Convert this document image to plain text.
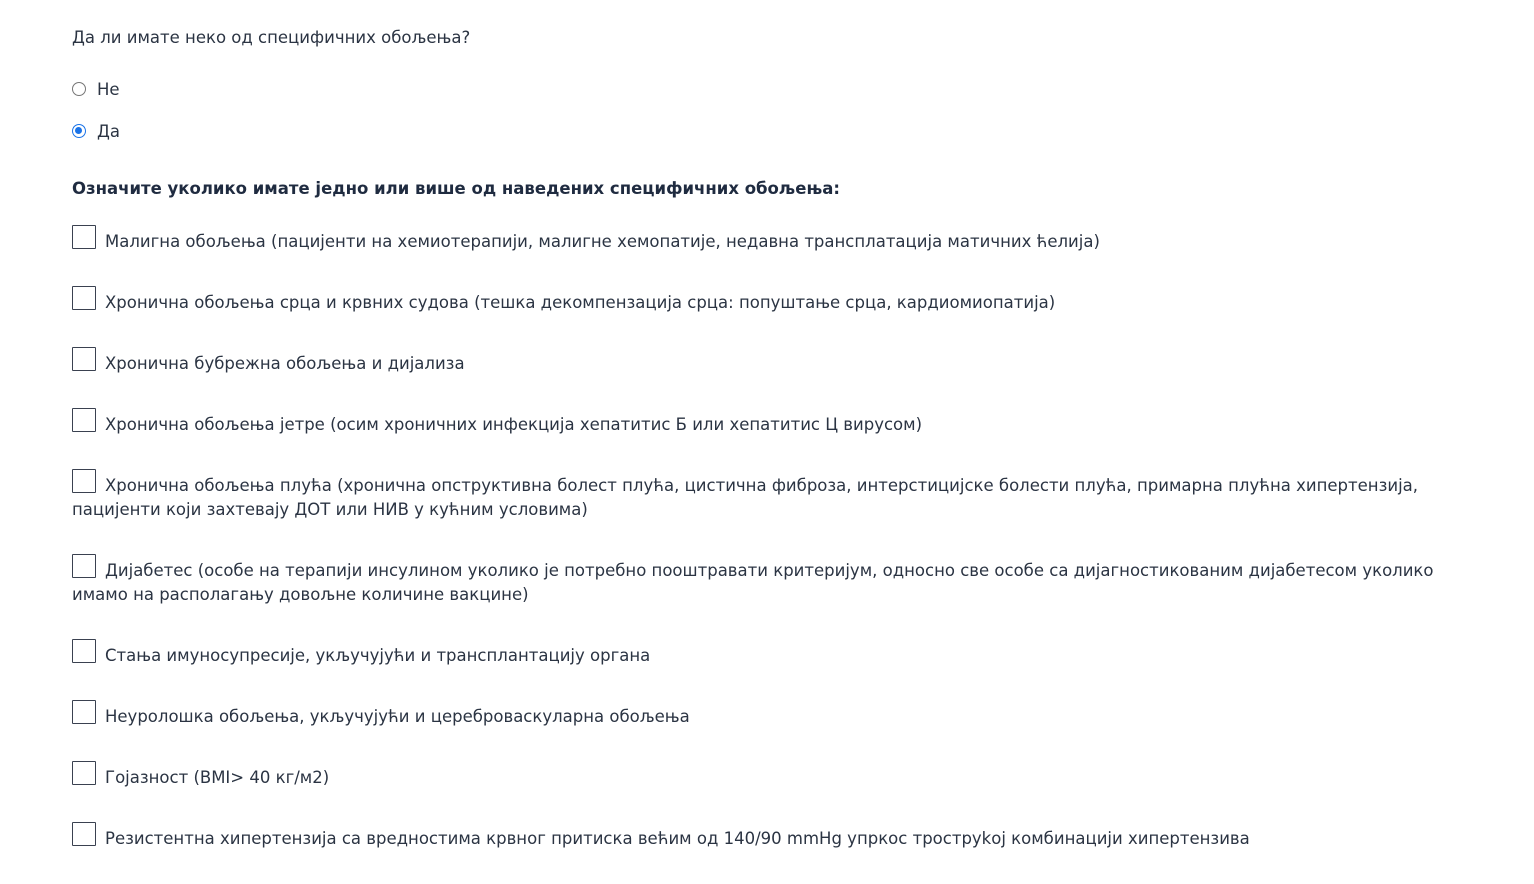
Да ли имате неко од специфичних обољења?
Не
Да
Означите уколико имате једно или више од наведених специфичних обољења:
Малигна обољења (пацијенти на хемиотерапији, малигне хемопатије, недавна трансплатација матичних ћелија)
Хронична обољења срца и крвних судова (тешка декомпензација срца: попуштање срца, кардиомиопатија)
Хронична бубрежна обољења и дијализа
Хронична обољења јетре (осим хроничних инфекција хепатитис Б или хепатитис Ц вирусом)
Хронична обољења плућа (хронична опструктивна болест плућа, цистична фиброза, интерстицијске болести плућа, примарна плућна хипертензија, пацијенти који захтевају ДОТ или НИВ у кућним условима)
Дијабетес (особе на терапији инсулином уколико је потребно пооштравати критеријум, односно све особе са дијагностикованим дијабетесом уколико имамо на располагању довољне количине вакцине)
Стања имуносупресије, укључујући и трансплантацију органа
Неуролошка обољења, укључујући и цереброваскуларна обољења
Гојазност (BMI> 40 кг/м2)
Резистентна хипертензија са вредностима крвног притиска већим од 140/90 mmHg упркос троструkој комбинацији хипертензива
